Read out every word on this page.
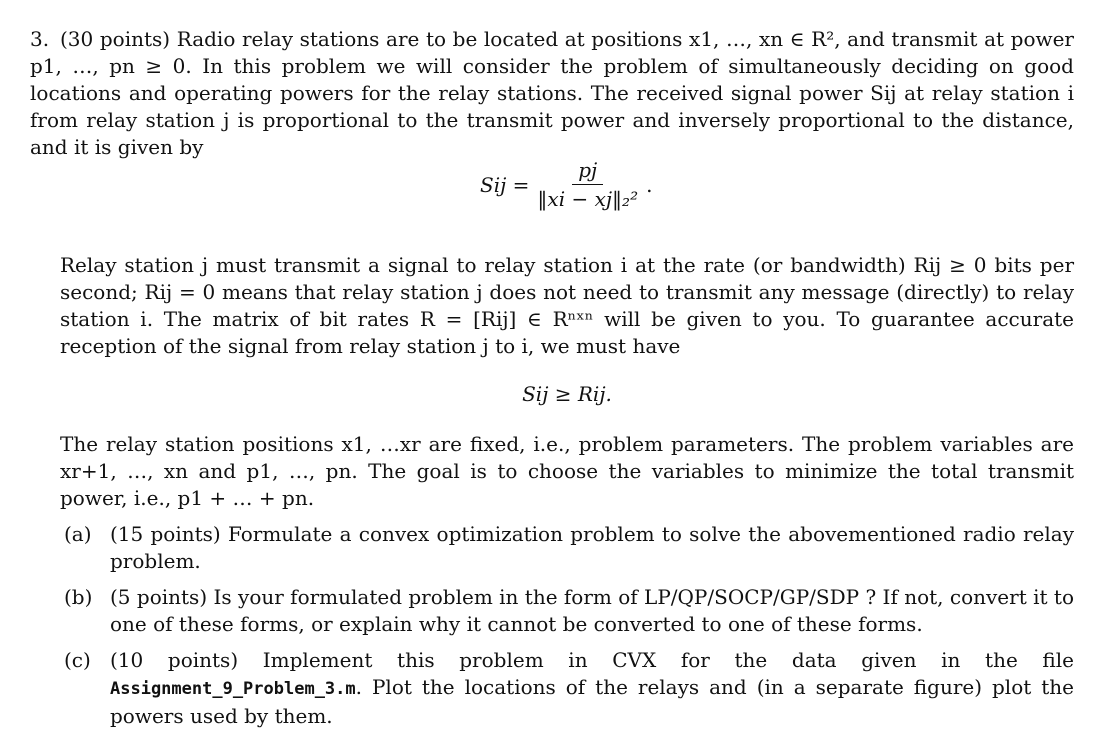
3. (30 points) Radio relay stations are to be located at positions x1, …, xn ∈ R², and transmit at power p1, …, pn ≥ 0. In this problem we will consider the problem of simultaneously deciding on good locations and operating powers for the relay stations. The received signal power Sij at relay station i from relay station j is proportional to the transmit power and inversely proportional to the distance, and it is given by

Sij = $\frac{pj}{\text{‖xi − xj‖₂²}}$ .

Relay station j must transmit a signal to relay station i at the rate (or bandwidth) Rij ≥ 0 bits per second; Rij = 0 means that relay station j does not need to transmit any message (directly) to relay station i. The matrix of bit rates R = [Rij] ∈ Rⁿˣⁿ will be given to you. To guarantee accurate reception of the signal from relay station j to i, we must have

Sij ≥ Rij.

The relay station positions x1, …xr are fixed, i.e., problem parameters. The problem variables are xr+1, …, xn and p1, …, pn. The goal is to choose the variables to minimize the total transmit power, i.e., p1 + … + pn.

(a) (15 points) Formulate a convex optimization problem to solve the abovementioned radio relay problem.
(b) (5 points) Is your formulated problem in the form of LP/QP/SOCP/GP/SDP ? If not, convert it to one of these forms, or explain why it cannot be converted to one of these forms.
(c) (10 points) Implement this problem in CVX for the data given in the file Assignment_9_Problem_3.m. Plot the locations of the relays and (in a separate figure) plot the powers used by them.
